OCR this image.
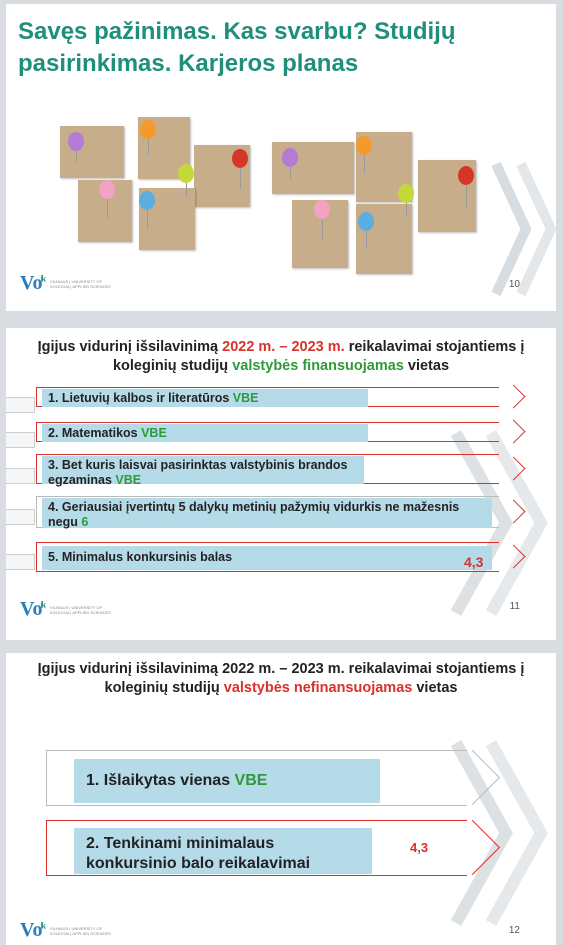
Savęs pažinimas. Kas svarbu? Studijų pasirinkimas. Karjeros planas
$Vо^{ik}$ VILNIAUS | UNIVERSITY OF KOLEGIJA | APPLIED SCIENCES	10
Įgijus vidurinį išsilavinimą 2022 m. – 2023 m. reikalavimai stojantiems į koleginių studijų valstybės finansuojamas vietas
1. Lietuvių kalbos ir literatūros VBE
2. Matematikos VBE
3. Bet kuris laisvai pasirinktas valstybinis brandos egzaminas VBE
4. Geriausiai įvertintų 5 dalykų metinių pažymių vidurkis ne mažesnis negu 6
5. Minimalus konkursinis balas	4,3
$Vо^{ik}$ VILNIAUS | UNIVERSITY OF KOLEGIJA | APPLIED SCIENCES	11
Įgijus vidurinį išsilavinimą 2022 m. – 2023 m. reikalavimai stojantiems į koleginių studijų valstybės nefinansuojamas vietas
1. Išlaikytas vienas VBE
2. Tenkinami minimalaus konkursinio balo reikalavimai
4,3
$Vо^{ik}$ VILNIAUS | UNIVERSITY OF KOLEGIJA | APPLIED SCIENCES	12
